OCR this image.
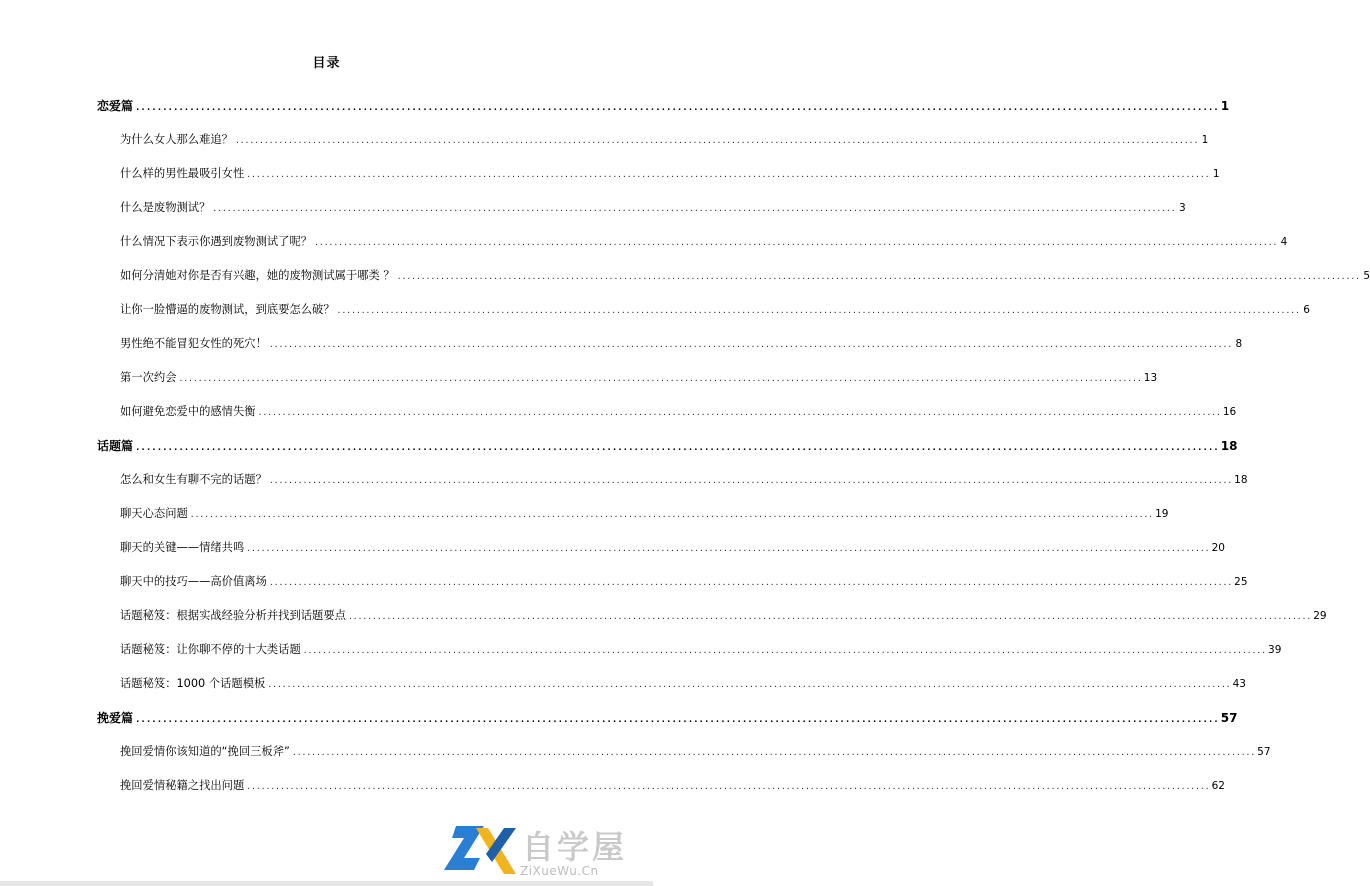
目录
恋爱篇 ........................................................................................................................................................................................................ 1
为什么女人那么难追？ ........................................................................................................................................................................................................ 1
什么样的男性最吸引女性 ........................................................................................................................................................................................................ 1
什么是废物测试？ ........................................................................................................................................................................................................ 3
什么情况下表示你遇到废物测试了呢？ ........................................................................................................................................................................................................ 4
如何分清她对你是否有兴趣，她的废物测试属于哪类 ？ ........................................................................................................................................................................................................ 5
让你一脸懵逼的废物测试，到底要怎么破？ ........................................................................................................................................................................................................ 6
男性绝不能冒犯女性的死穴！ ........................................................................................................................................................................................................ 8
第一次约会 ........................................................................................................................................................................................................ 13
如何避免恋爱中的感情失衡 ........................................................................................................................................................................................................ 16
话题篇 ........................................................................................................................................................................................................ 18
怎么和女生有聊不完的话题？ ........................................................................................................................................................................................................ 18
聊天心态问题 ........................................................................................................................................................................................................ 19
聊天的关键——情绪共鸣 ........................................................................................................................................................................................................ 20
聊天中的技巧——高价值离场 ........................................................................................................................................................................................................ 25
话题秘笈：根据实战经验分析并找到话题要点 ........................................................................................................................................................................................................ 29
话题秘笈：让你聊不停的十大类话题 ........................................................................................................................................................................................................ 39
话题秘笈：1000 个话题模板 ........................................................................................................................................................................................................ 43
挽爱篇 ........................................................................................................................................................................................................ 57
挽回爱情你该知道的“挽回三板斧” ........................................................................................................................................................................................................ 57
挽回爱情秘籍之找出问题 ........................................................................................................................................................................................................ 62
自学屋
ZiXueWu.Cn
